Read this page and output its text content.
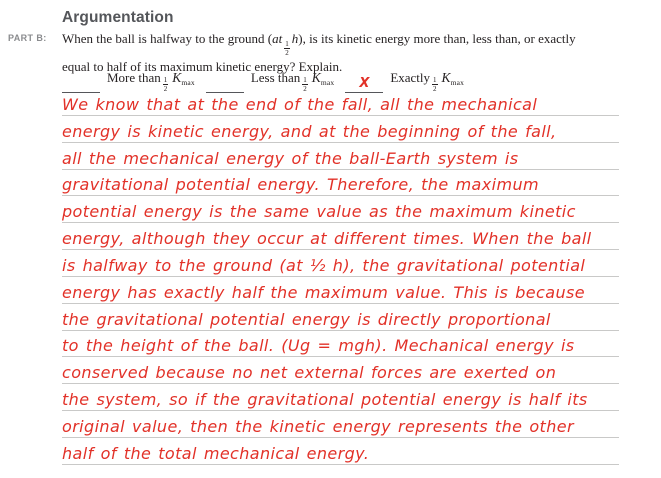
Argumentation
PART B: When the ball is halfway to the ground (at
$\frac{1}{2}$
h), is its kinetic energy more than, less than, or exactly
equal to half of its maximum kinetic energy? Explain.
More than $\frac{1}{2}$ K max	Less than $\frac{1}{2}$ K max	X	Exactly $\frac{1}{2}$ K max
We know that at the end of the fall, all the mechanical
energy is kinetic energy, and at the beginning of the fall,
all the mechanical energy of the ball-Earth system is
gravitational potential energy. Therefore, the maximum
potential energy is the same value as the maximum kinetic
energy, although they occur at different times. When the ball
is halfway to the ground (at ½ h), the gravitational potential
energy has exactly half the maximum value. This is because
the gravitational potential energy is directly proportional
to the height of the ball. (Ug = mgh). Mechanical energy is
conserved because no net external forces are exerted on
the system, so if the gravitational potential energy is half its
original value, then the kinetic energy represents the other
half of the total mechanical energy.
